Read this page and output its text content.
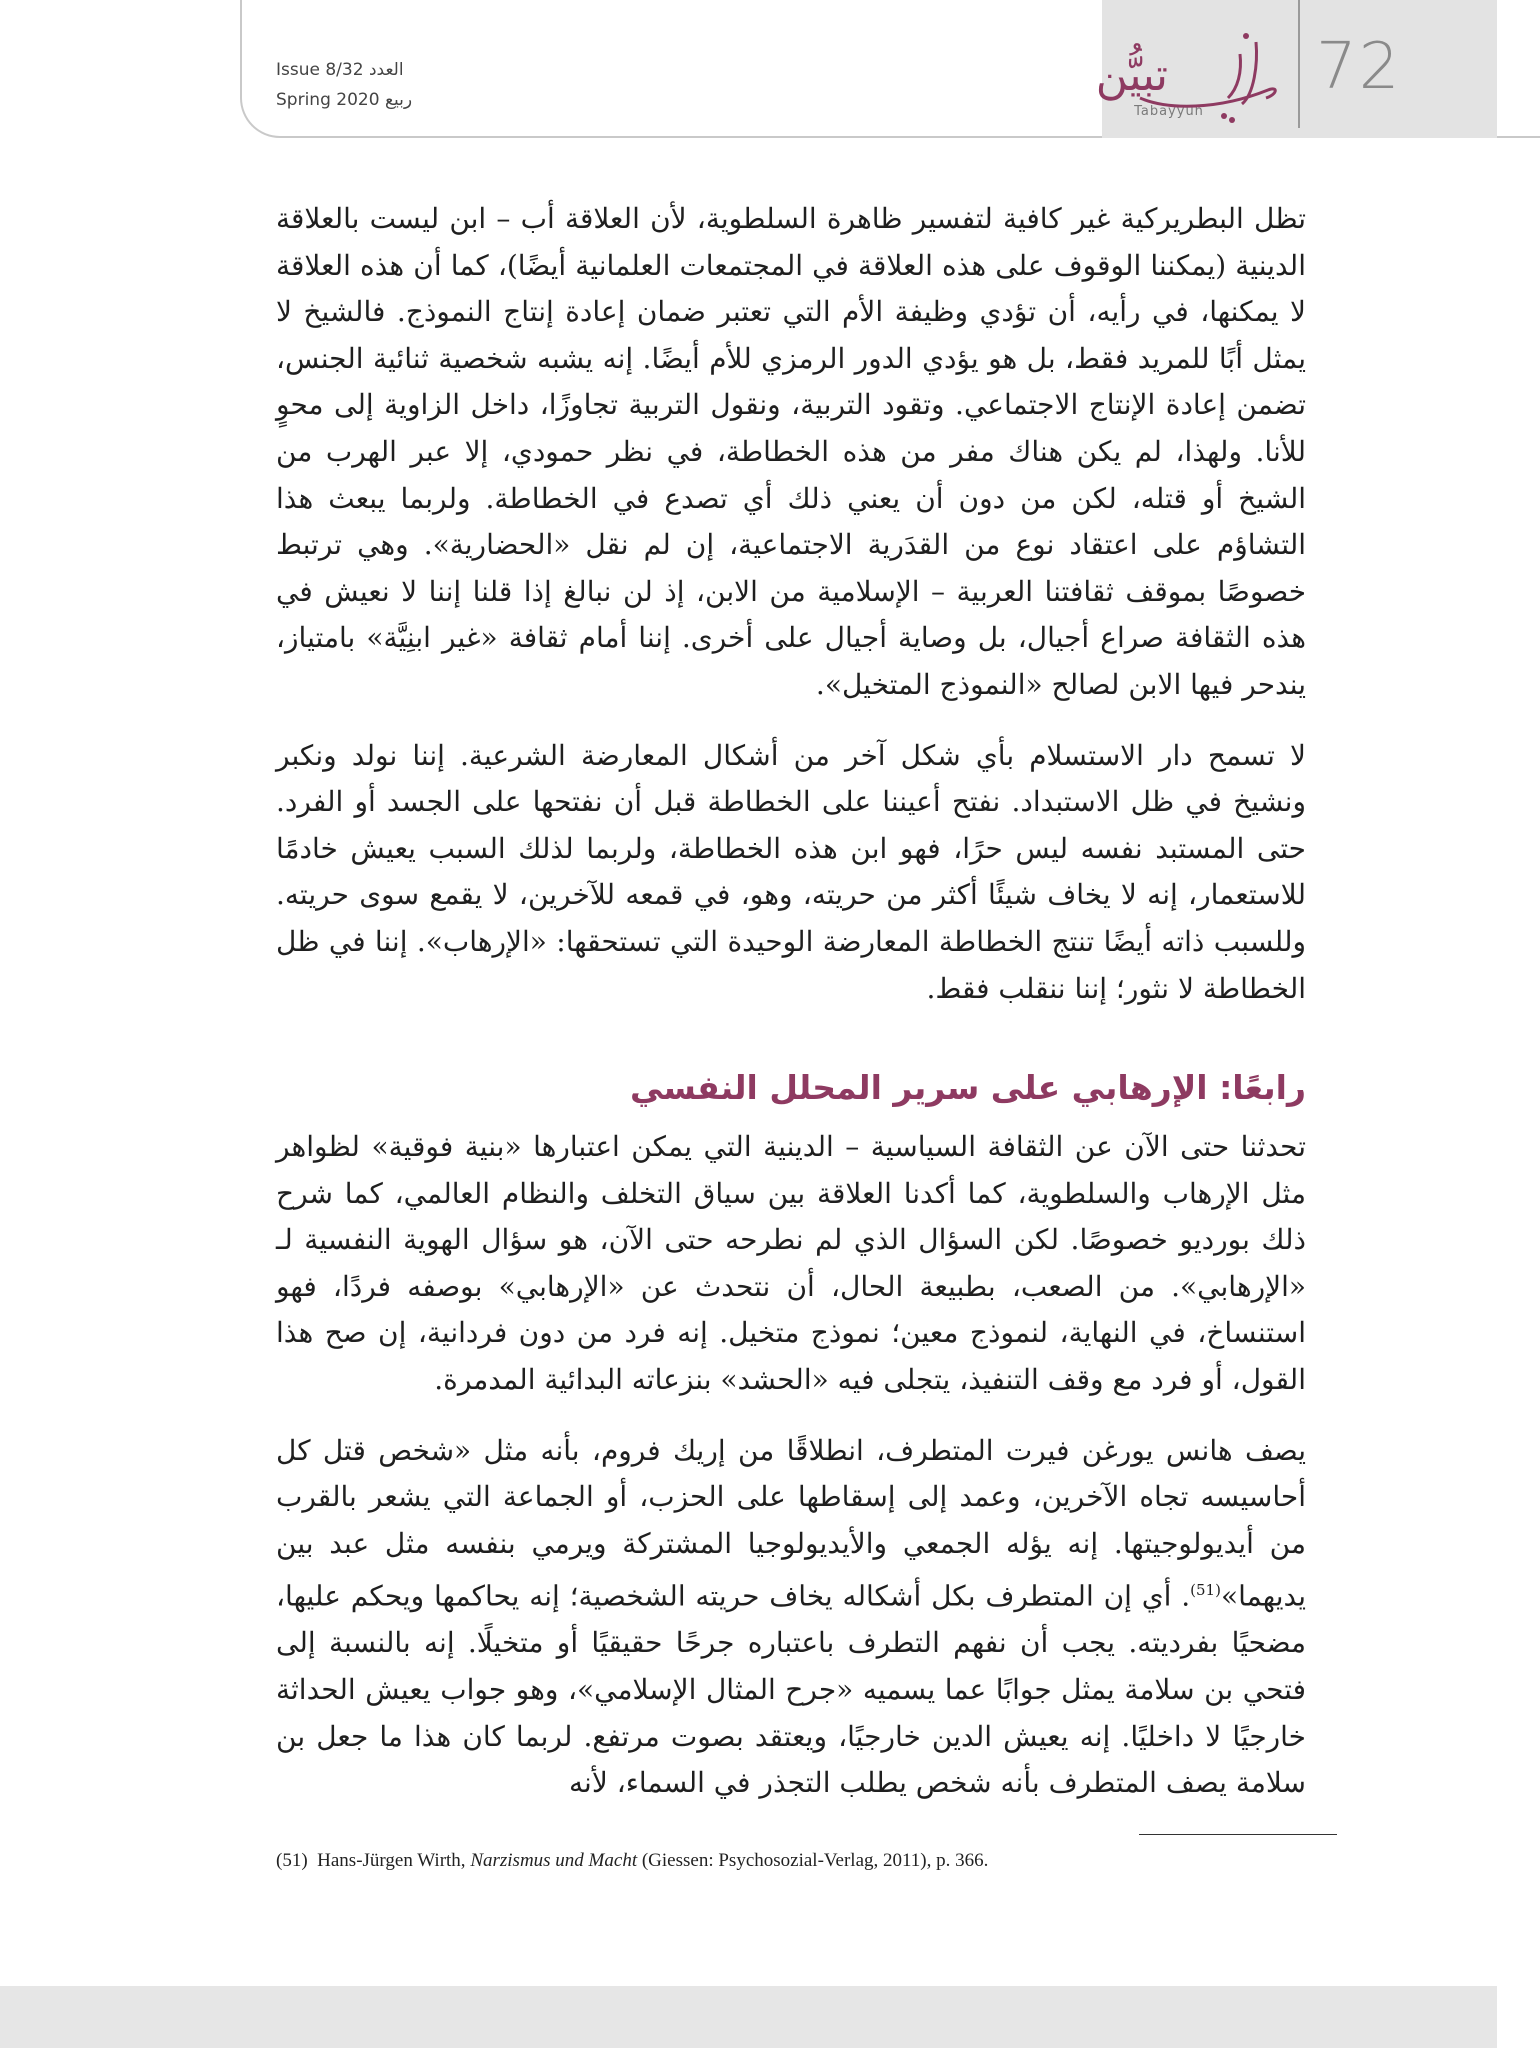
تبيُّن
Tabayyun
72
Issue 8/32 العدد
Spring 2020 ربيع

تظل البطريركية غير كافية لتفسير ظاهرة السلطوية، لأن العلاقة أب – ابن ليست بالعلاقة الدينية (يمكننا الوقوف على هذه العلاقة في المجتمعات العلمانية أيضًا)، كما أن هذه العلاقة لا يمكنها، في رأيه، أن تؤدي وظيفة الأم التي تعتبر ضمان إعادة إنتاج النموذج. فالشيخ لا يمثل أبًا للمريد فقط، بل هو يؤدي الدور الرمزي للأم أيضًا. إنه يشبه شخصية ثنائية الجنس، تضمن إعادة الإنتاج الاجتماعي. وتقود التربية، ونقول التربية تجاوزًا، داخل الزاوية إلى محوٍ للأنا. ولهذا، لم يكن هناك مفر من هذه الخطاطة، في نظر حمودي، إلا عبر الهرب من الشيخ أو قتله، لكن من دون أن يعني ذلك أي تصدع في الخطاطة. ولربما يبعث هذا التشاؤم على اعتقاد نوع من القدَرية الاجتماعية، إن لم نقل «الحضارية». وهي ترتبط خصوصًا بموقف ثقافتنا العربية – الإسلامية من الابن، إذ لن نبالغ إذا قلنا إننا لا نعيش في هذه الثقافة صراع أجيال، بل وصاية أجيال على أخرى. إننا أمام ثقافة «غير ابنِيَّة» بامتياز، يندحر فيها الابن لصالح «النموذج المتخيل».

لا تسمح دار الاستسلام بأي شكل آخر من أشكال المعارضة الشرعية. إننا نولد ونكبر ونشيخ في ظل الاستبداد. نفتح أعيننا على الخطاطة قبل أن نفتحها على الجسد أو الفرد. حتى المستبد نفسه ليس حرًا، فهو ابن هذه الخطاطة، ولربما لذلك السبب يعيش خادمًا للاستعمار، إنه لا يخاف شيئًا أكثر من حريته، وهو، في قمعه للآخرين، لا يقمع سوى حريته. وللسبب ذاته أيضًا تنتج الخطاطة المعارضة الوحيدة التي تستحقها: «الإرهاب». إننا في ظل الخطاطة لا نثور؛ إننا ننقلب فقط.

رابعًا: الإرهابي على سرير المحلل النفسي

تحدثنا حتى الآن عن الثقافة السياسية – الدينية التي يمكن اعتبارها «بنية فوقية» لظواهر مثل الإرهاب والسلطوية، كما أكدنا العلاقة بين سياق التخلف والنظام العالمي، كما شرح ذلك بورديو خصوصًا. لكن السؤال الذي لم نطرحه حتى الآن، هو سؤال الهوية النفسية لـ «الإرهابي». من الصعب، بطبيعة الحال، أن نتحدث عن «الإرهابي» بوصفه فردًا، فهو استنساخ، في النهاية، لنموذج معين؛ نموذج متخيل. إنه فرد من دون فردانية، إن صح هذا القول، أو فرد مع وقف التنفيذ، يتجلى فيه «الحشد» بنزعاته البدائية المدمرة.

يصف هانس يورغن فيرت المتطرف، انطلاقًا من إريك فروم، بأنه مثل «شخص قتل كل أحاسيسه تجاه الآخرين، وعمد إلى إسقاطها على الحزب، أو الجماعة التي يشعر بالقرب من أيديولوجيتها. إنه يؤله الجمعي والأيديولوجيا المشتركة ويرمي بنفسه مثل عبد بين يديهما»$^{(51)}$. أي إن المتطرف بكل أشكاله يخاف حريته الشخصية؛ إنه يحاكمها ويحكم عليها، مضحيًا بفرديته. يجب أن نفهم التطرف باعتباره جرحًا حقيقيًا أو متخيلًا. إنه بالنسبة إلى فتحي بن سلامة يمثل جوابًا عما يسميه «جرح المثال الإسلامي»، وهو جواب يعيش الحداثة خارجيًا لا داخليًا. إنه يعيش الدين خارجيًا، ويعتقد بصوت مرتفع. لربما كان هذا ما جعل بن سلامة يصف المتطرف بأنه شخص يطلب التجذر في السماء، لأنه

(51) Hans-Jürgen Wirth, Narzismus und Macht (Giessen: Psychosozial-Verlag, 2011), p. 366.
